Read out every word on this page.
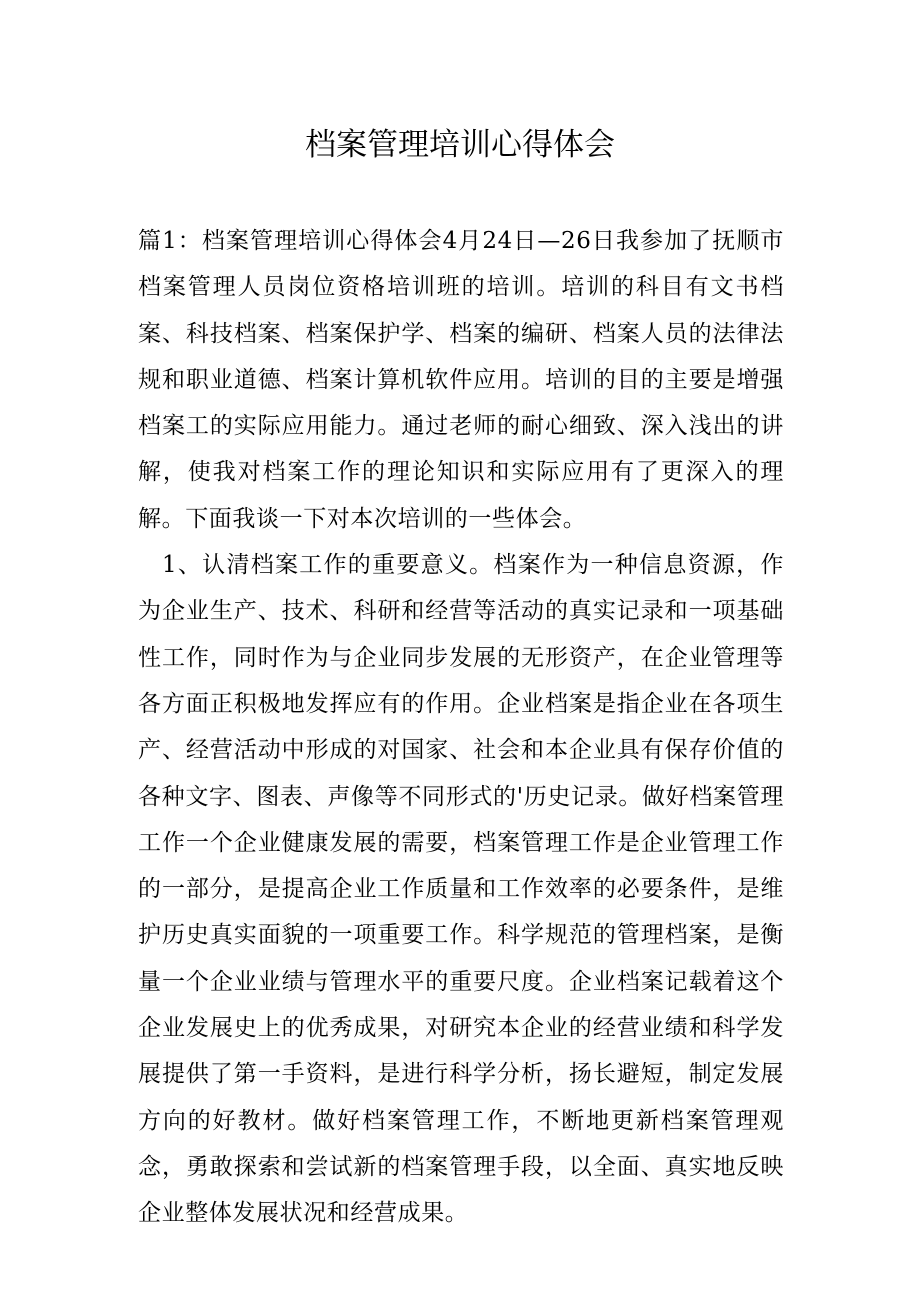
档案管理培训心得体会

篇1：档案管理培训心得体会4月24日—26日我参加了抚顺市档案管理人员岗位资格培训班的培训。培训的科目有文书档案、科技档案、档案保护学、档案的编研、档案人员的法律法规和职业道德、档案计算机软件应用。培训的目的主要是增强档案工的实际应用能力。通过老师的耐心细致、深入浅出的讲解，使我对档案工作的理论知识和实际应用有了更深入的理解。下面我谈一下对本次培训的一些体会。

1、认清档案工作的重要意义。档案作为一种信息资源，作为企业生产、技术、科研和经营等活动的真实记录和一项基础性工作，同时作为与企业同步发展的无形资产，在企业管理等各方面正积极地发挥应有的作用。企业档案是指企业在各项生产、经营活动中形成的对国家、社会和本企业具有保存价值的各种文字、图表、声像等不同形式的'历史记录。做好档案管理工作一个企业健康发展的需要，档案管理工作是企业管理工作的一部分，是提高企业工作质量和工作效率的必要条件，是维护历史真实面貌的一项重要工作。科学规范的管理档案，是衡量一个企业业绩与管理水平的重要尺度。企业档案记载着这个企业发展史上的优秀成果，对研究本企业的经营业绩和科学发展提供了第一手资料，是进行科学分析，扬长避短，制定发展方向的好教材。做好档案管理工作，不断地更新档案管理观念，勇敢探索和尝试新的档案管理手段，以全面、真实地反映企业整体发展状况和经营成果。
